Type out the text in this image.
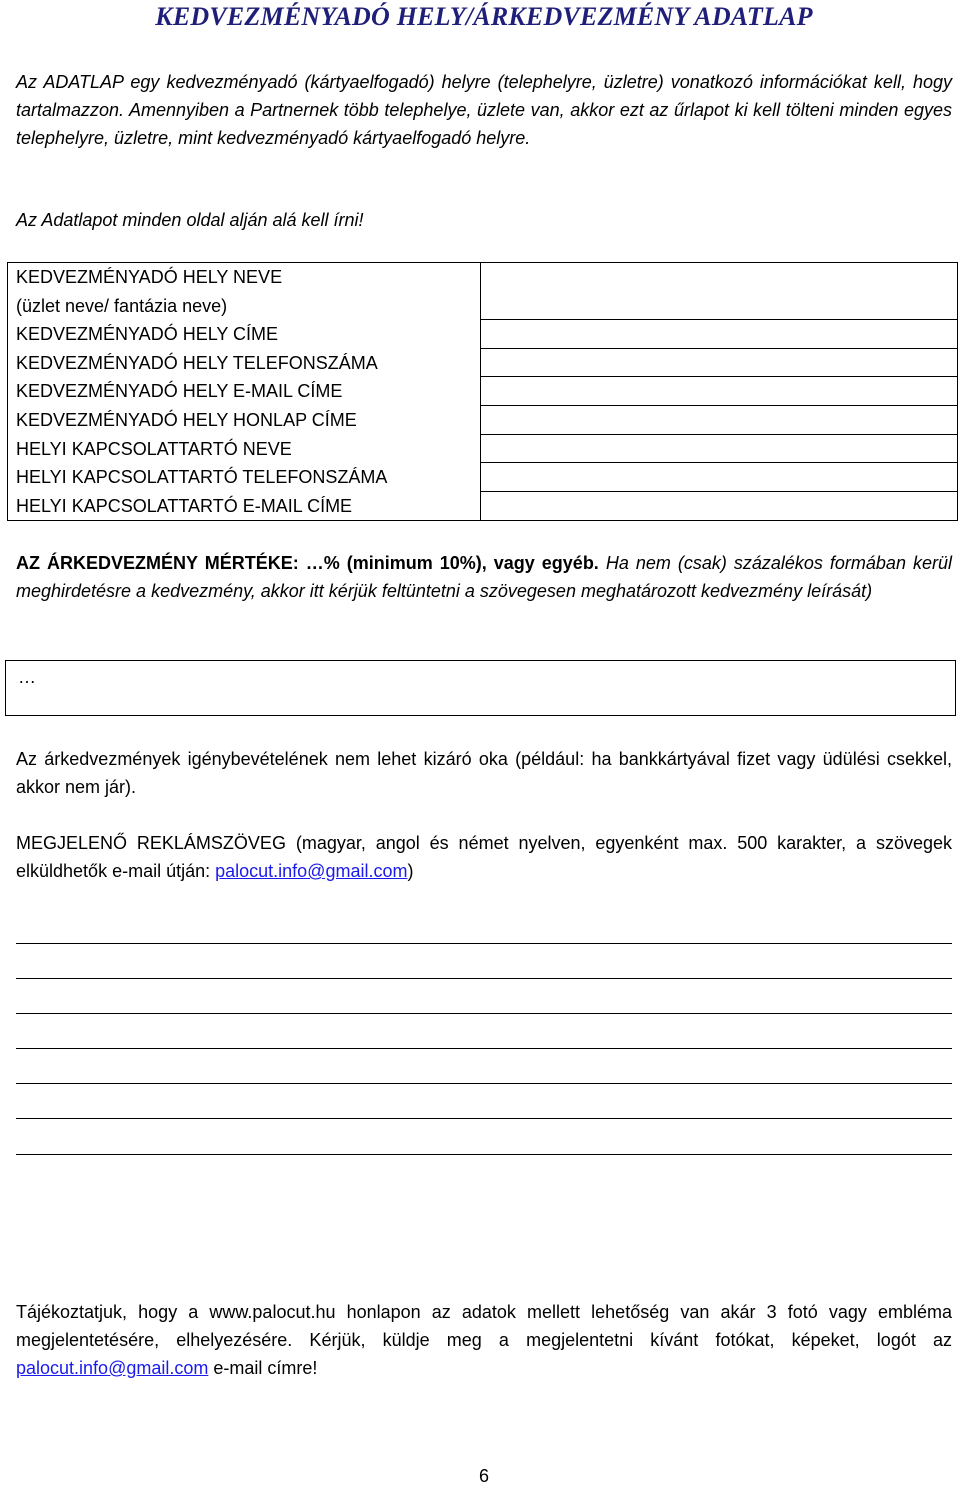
KEDVEZMÉNYADÓ HELY/ÁRKEDVEZMÉNY ADATLAP

Az ADATLAP egy kedvezményadó (kártyaelfogadó) helyre (telephelyre, üzletre) vonatkozó információkat kell, hogy tartalmazzon. Amennyiben a Partnernek több telephelye, üzlete van, akkor ezt az űrlapot ki kell tölteni minden egyes telephelyre, üzletre, mint kedvezményadó kártyaelfogadó helyre.

Az Adatlapot minden oldal alján alá kell írni!

KEDVEZMÉNYADÓ HELY NEVE
(üzlet neve/ fantázia neve)
KEDVEZMÉNYADÓ HELY CÍME
KEDVEZMÉNYADÓ HELY TELEFONSZÁMA
KEDVEZMÉNYADÓ HELY E-MAIL CÍME
KEDVEZMÉNYADÓ HELY HONLAP CÍME
HELYI KAPCSOLATTARTÓ NEVE
HELYI KAPCSOLATTARTÓ TELEFONSZÁMA
HELYI KAPCSOLATTARTÓ E-MAIL CÍME

AZ ÁRKEDVEZMÉNY MÉRTÉKE: …% (minimum 10%), vagy egyéb. Ha nem (csak) százalékos formában kerül meghirdetésre a kedvezmény, akkor itt kérjük feltüntetni a szövegesen meghatározott kedvezmény leírását)

…

Az árkedvezmények igénybevételének nem lehet kizáró oka (például: ha bankkártyával fizet vagy üdülési csekkel, akkor nem jár).

MEGJELENŐ REKLÁMSZÖVEG (magyar, angol és német nyelven, egyenként max. 500 karakter, a szövegek elküldhetők e-mail útján: palocut.info@gmail.com)

Tájékoztatjuk, hogy a www.palocut.hu honlapon az adatok mellett lehetőség van akár 3 fotó vagy embléma megjelentetésére, elhelyezésére. Kérjük, küldje meg a megjelentetni kívánt fotókat, képeket, logót az palocut.info@gmail.com e-mail címre!

6
